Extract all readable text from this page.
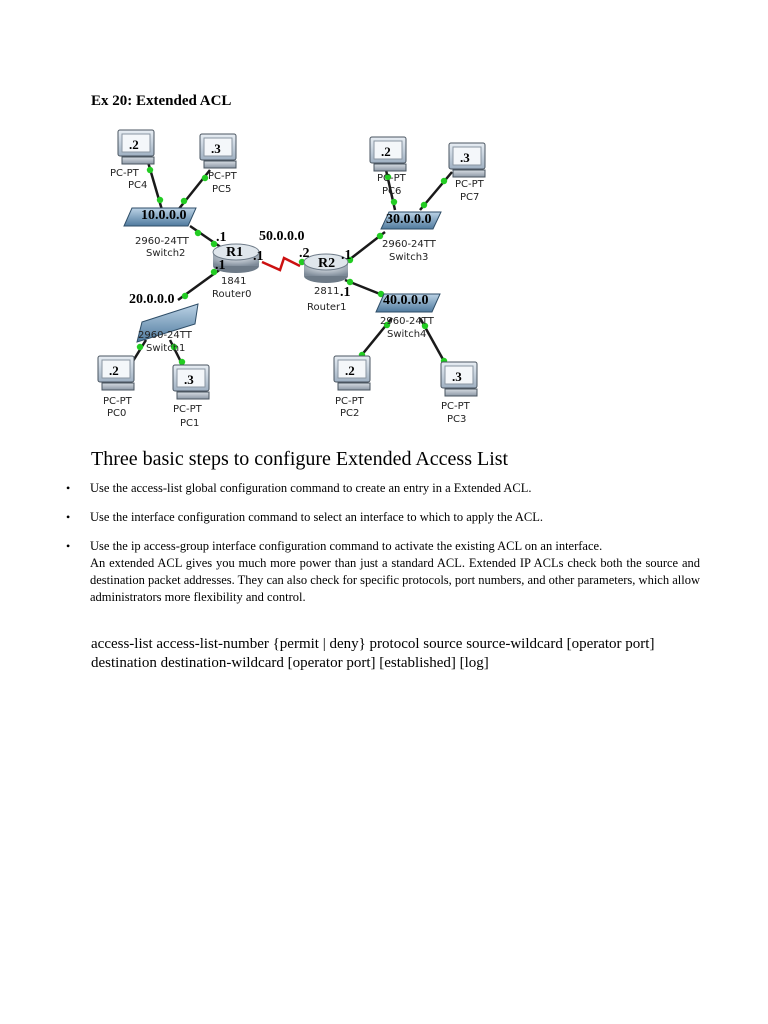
Ex 20: Extended ACL
.2	.3	.2	.3
.2
.3
.2	.3
10.0.0.0	30.0.0.0
20.0.0.0	40.0.0.0
50.0.0.0
R1
R2
.1
.1
.1
.2 .1
.1
PC-PT
PC4
PC-PT
PC5
PC-PT
PC6
PC-PT
PC7
PC-PT
PC0	PC-PT
PC1
PC-PT
PC2
PC-PT
PC3
2960-24TT
Switch2
2960-24TT
Switch3
2960-24TT
Switch1
2960-24TT
Switch4
1841
Router0	2811
Router1
Three basic steps to configure Extended Access List
• Use the access-list global configuration command to create an entry in a Extended ACL.
• Use the interface configuration command to select an interface to which to apply the ACL.
• Use the ip access-group interface configuration command to activate the existing ACL on an interface.
An extended ACL gives you much more power than just a standard ACL. Extended IP ACLs check both the source and destination packet addresses. They can also check for specific protocols, port numbers, and other parameters, which allow administrators more flexibility and control.
access-list access-list-number {permit | deny} protocol source source-wildcard [operator port] destination destination-wildcard [operator port] [established] [log]
